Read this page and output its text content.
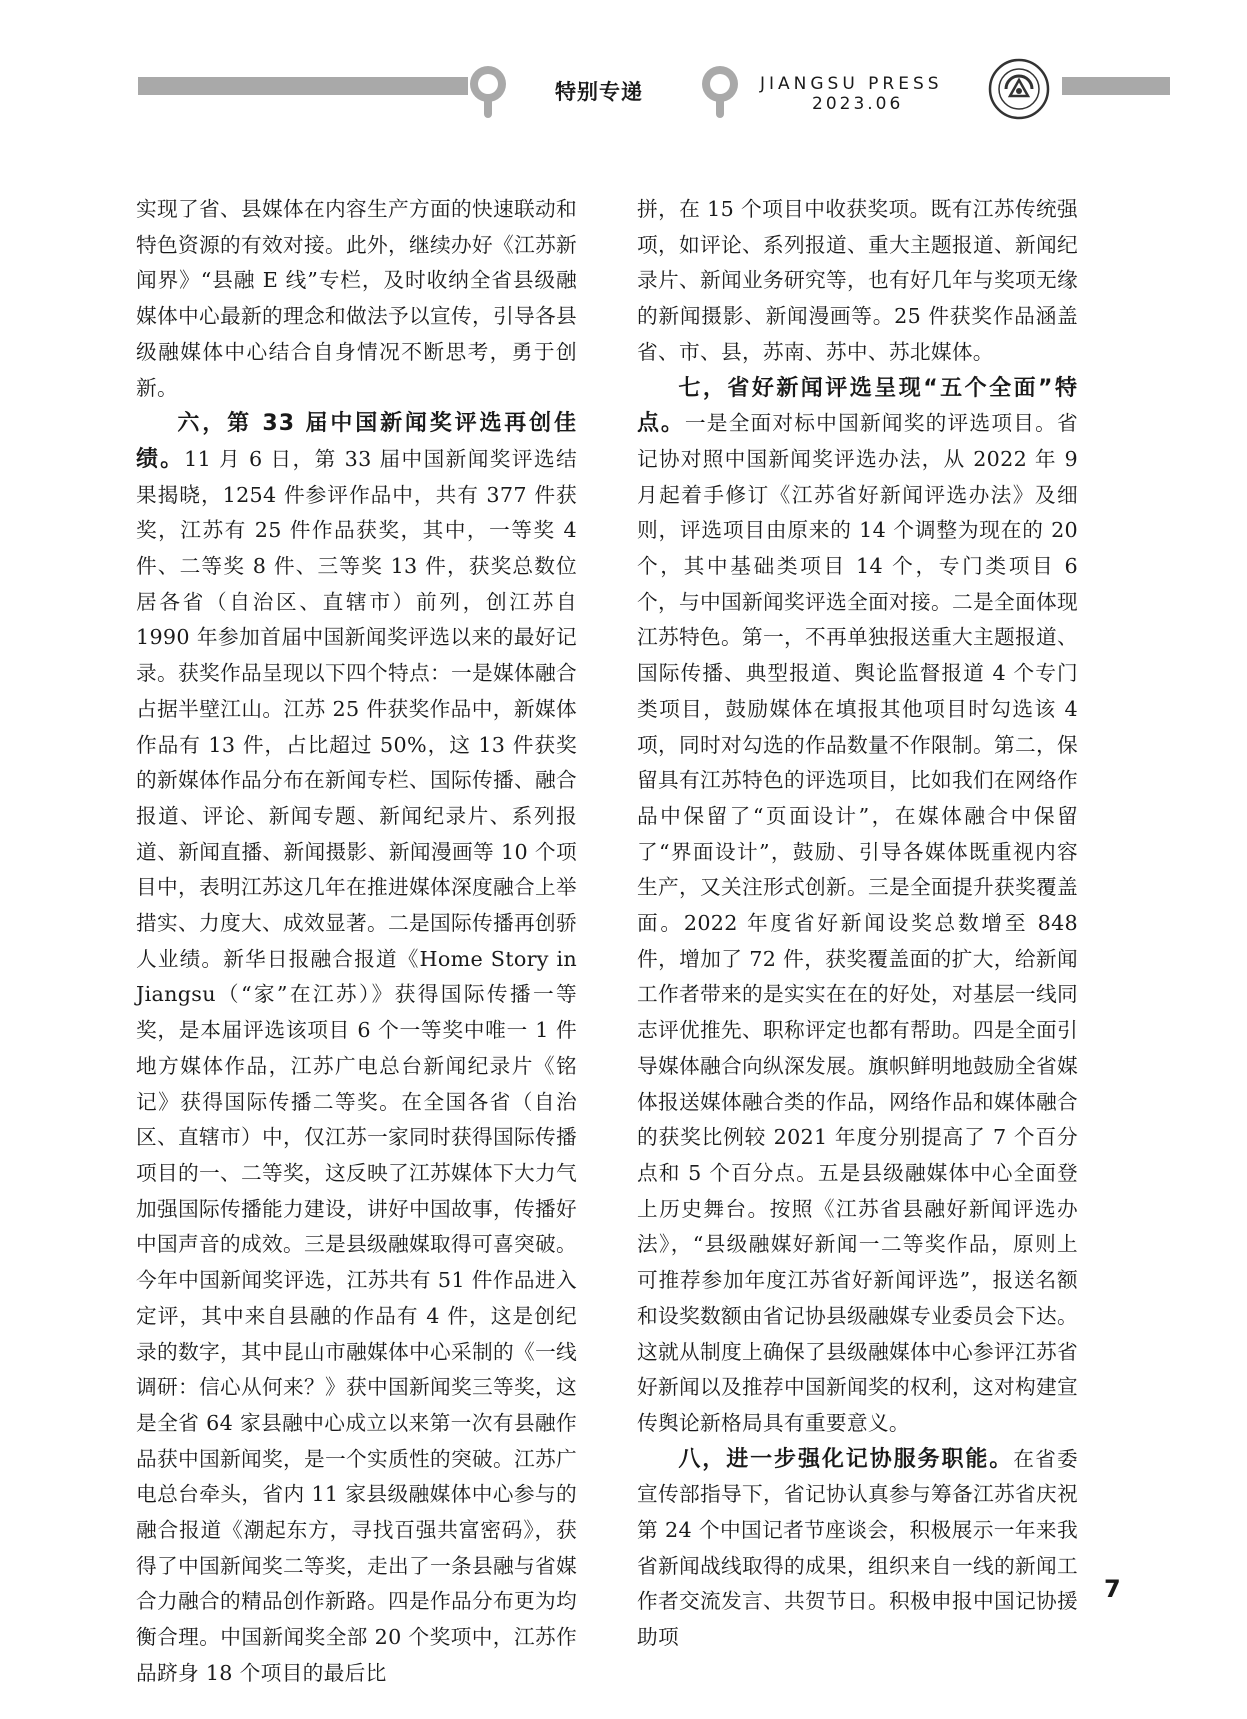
特别专递	JIANGSU PRESS
2023.06

实现了省、县媒体在内容生产方面的快速联动和特色资源的有效对接。此外，继续办好《江苏新闻界》“县融 E 线”专栏，及时收纳全省县级融媒体中心最新的理念和做法予以宣传，引导各县级融媒体中心结合自身情况不断思考，勇于创新。

六，第 33 届中国新闻奖评选再创佳绩。11 月 6 日，第 33 届中国新闻奖评选结果揭晓，1254 件参评作品中，共有 377 件获奖，江苏有 25 件作品获奖，其中，一等奖 4 件、二等奖 8 件、三等奖 13 件，获奖总数位居各省（自治区、直辖市）前列，创江苏自 1990 年参加首届中国新闻奖评选以来的最好记录。获奖作品呈现以下四个特点：一是媒体融合占据半壁江山。江苏 25 件获奖作品中，新媒体作品有 13 件，占比超过 50%，这 13 件获奖的新媒体作品分布在新闻专栏、国际传播、融合报道、评论、新闻专题、新闻纪录片、系列报道、新闻直播、新闻摄影、新闻漫画等 10 个项目中，表明江苏这几年在推进媒体深度融合上举措实、力度大、成效显著。二是国际传播再创骄人业绩。新华日报融合报道《Home Story in Jiangsu（“家”在江苏）》获得国际传播一等奖，是本届评选该项目 6 个一等奖中唯一 1 件地方媒体作品，江苏广电总台新闻纪录片《铭记》获得国际传播二等奖。在全国各省（自治区、直辖市）中，仅江苏一家同时获得国际传播项目的一、二等奖，这反映了江苏媒体下大力气加强国际传播能力建设，讲好中国故事，传播好中国声音的成效。三是县级融媒取得可喜突破。今年中国新闻奖评选，江苏共有 51 件作品进入定评，其中来自县融的作品有 4 件，这是创纪录的数字，其中昆山市融媒体中心采制的《一线调研：信心从何来？》获中国新闻奖三等奖，这是全省 64 家县融中心成立以来第一次有县融作品获中国新闻奖，是一个实质性的突破。江苏广电总台牵头，省内 11 家县级融媒体中心参与的融合报道《潮起东方，寻找百强共富密码》，获得了中国新闻奖二等奖，走出了一条县融与省媒合力融合的精品创作新路。四是作品分布更为均衡合理。中国新闻奖全部 20 个奖项中，江苏作品跻身 18 个项目的最后比

拼，在 15 个项目中收获奖项。既有江苏传统强项，如评论、系列报道、重大主题报道、新闻纪录片、新闻业务研究等，也有好几年与奖项无缘的新闻摄影、新闻漫画等。25 件获奖作品涵盖省、市、县，苏南、苏中、苏北媒体。

七，省好新闻评选呈现“五个全面”特点。一是全面对标中国新闻奖的评选项目。省记协对照中国新闻奖评选办法，从 2022 年 9 月起着手修订《江苏省好新闻评选办法》及细则，评选项目由原来的 14 个调整为现在的 20 个，其中基础类项目 14 个，专门类项目 6 个，与中国新闻奖评选全面对接。二是全面体现江苏特色。第一，不再单独报送重大主题报道、国际传播、典型报道、舆论监督报道 4 个专门类项目，鼓励媒体在填报其他项目时勾选该 4 项，同时对勾选的作品数量不作限制。第二，保留具有江苏特色的评选项目，比如我们在网络作品中保留了“页面设计”，在媒体融合中保留了“界面设计”，鼓励、引导各媒体既重视内容生产，又关注形式创新。三是全面提升获奖覆盖面。2022 年度省好新闻设奖总数增至 848 件，增加了 72 件，获奖覆盖面的扩大，给新闻工作者带来的是实实在在的好处，对基层一线同志评优推先、职称评定也都有帮助。四是全面引导媒体融合向纵深发展。旗帜鲜明地鼓励全省媒体报送媒体融合类的作品，网络作品和媒体融合的获奖比例较 2021 年度分别提高了 7 个百分点和 5 个百分点。五是县级融媒体中心全面登上历史舞台。按照《江苏省县融好新闻评选办法》，“县级融媒好新闻一二等奖作品，原则上可推荐参加年度江苏省好新闻评选”，报送名额和设奖数额由省记协县级融媒专业委员会下达。这就从制度上确保了县级融媒体中心参评江苏省好新闻以及推荐中国新闻奖的权利，这对构建宣传舆论新格局具有重要意义。

八，进一步强化记协服务职能。在省委宣传部指导下，省记协认真参与筹备江苏省庆祝第 24 个中国记者节座谈会，积极展示一年来我省新闻战线取得的成果，组织来自一线的新闻工作者交流发言、共贺节日。积极申报中国记协援助项

7
